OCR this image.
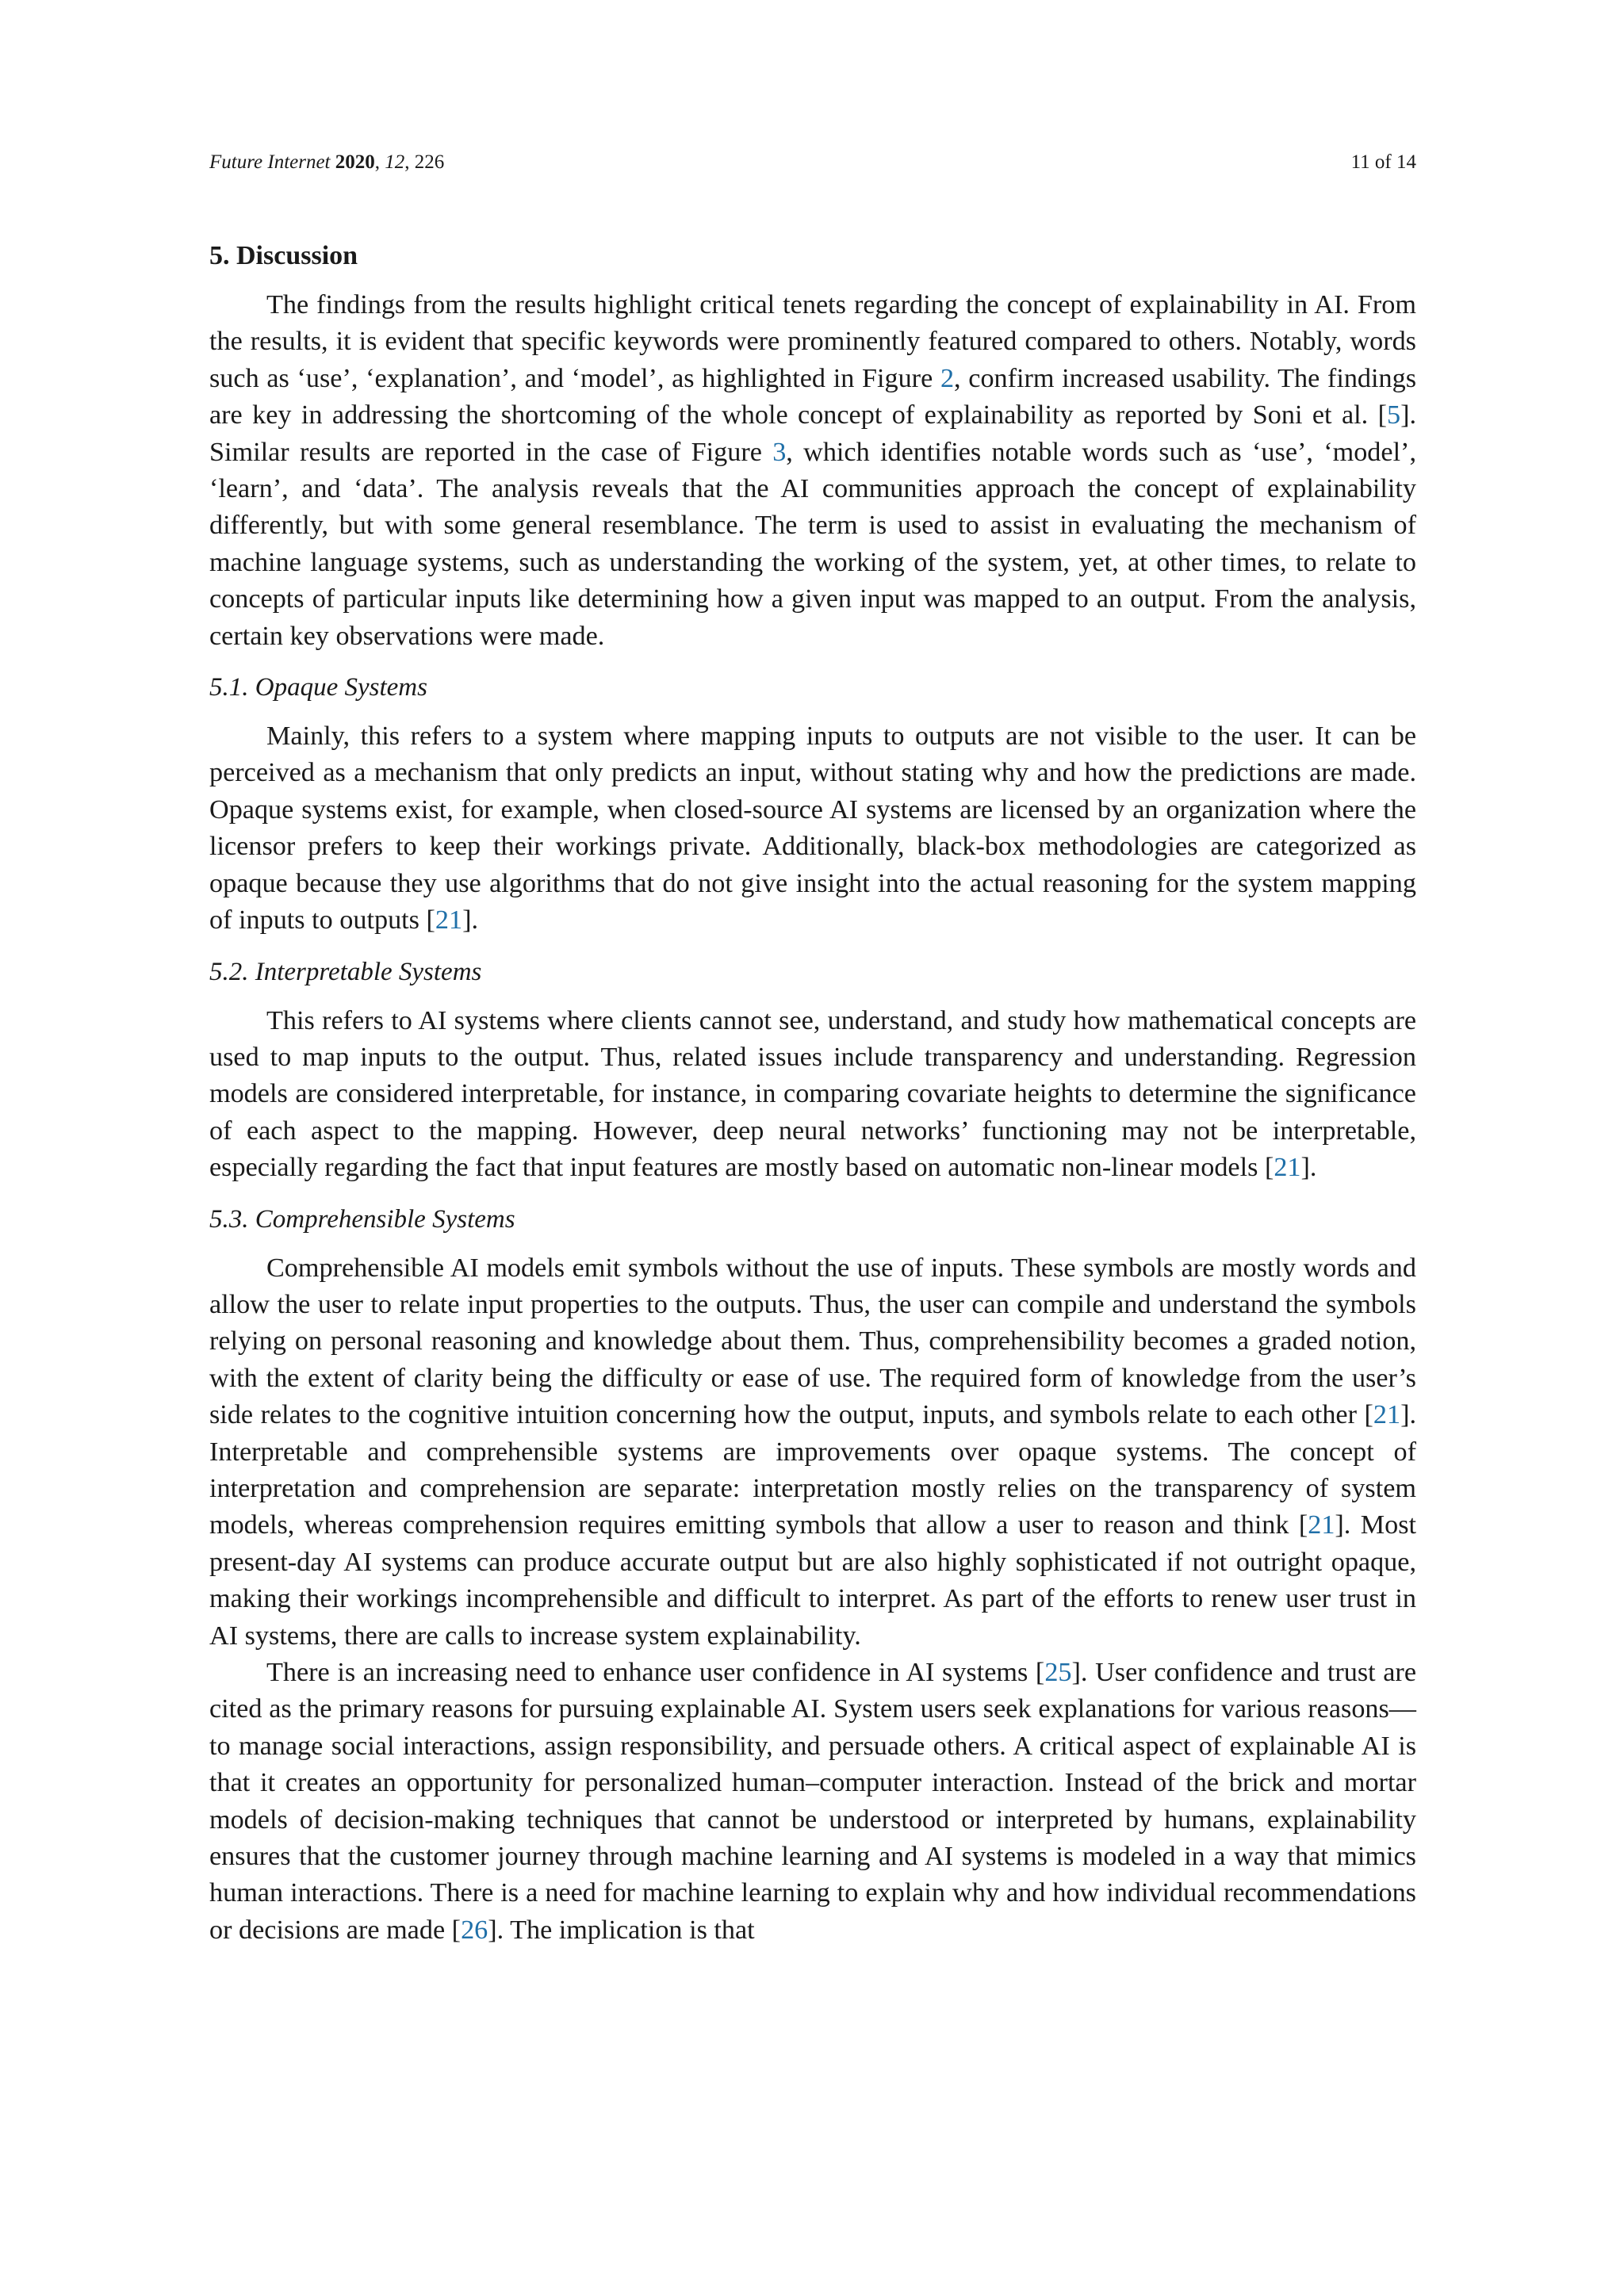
Future Internet 2020, 12, 226	11 of 14
5. Discussion

The findings from the results highlight critical tenets regarding the concept of explainability in AI. From the results, it is evident that specific keywords were prominently featured compared to others. Notably, words such as ‘use’, ‘explanation’, and ‘model’, as highlighted in Figure 2, confirm increased usability. The findings are key in addressing the shortcoming of the whole concept of explainability as reported by Soni et al. [5]. Similar results are reported in the case of Figure 3, which identifies notable words such as ‘use’, ‘model’, ‘learn’, and ‘data’. The analysis reveals that the AI communities approach the concept of explainability differently, but with some general resemblance. The term is used to assist in evaluating the mechanism of machine language systems, such as understanding the working of the system, yet, at other times, to relate to concepts of particular inputs like determining how a given input was mapped to an output. From the analysis, certain key observations were made.

5.1. Opaque Systems

Mainly, this refers to a system where mapping inputs to outputs are not visible to the user. It can be perceived as a mechanism that only predicts an input, without stating why and how the predictions are made. Opaque systems exist, for example, when closed-source AI systems are licensed by an organization where the licensor prefers to keep their workings private. Additionally, black-box methodologies are categorized as opaque because they use algorithms that do not give insight into the actual reasoning for the system mapping of inputs to outputs [21].

5.2. Interpretable Systems

This refers to AI systems where clients cannot see, understand, and study how mathematical concepts are used to map inputs to the output. Thus, related issues include transparency and understanding. Regression models are considered interpretable, for instance, in comparing covariate heights to determine the significance of each aspect to the mapping. However, deep neural networks’ functioning may not be interpretable, especially regarding the fact that input features are mostly based on automatic non-linear models [21].

5.3. Comprehensible Systems

Comprehensible AI models emit symbols without the use of inputs. These symbols are mostly words and allow the user to relate input properties to the outputs. Thus, the user can compile and understand the symbols relying on personal reasoning and knowledge about them. Thus, comprehensibility becomes a graded notion, with the extent of clarity being the difficulty or ease of use. The required form of knowledge from the user’s side relates to the cognitive intuition concerning how the output, inputs, and symbols relate to each other [21]. Interpretable and comprehensible systems are improvements over opaque systems. The concept of interpretation and comprehension are separate: interpretation mostly relies on the transparency of system models, whereas comprehension requires emitting symbols that allow a user to reason and think [21]. Most present-day AI systems can produce accurate output but are also highly sophisticated if not outright opaque, making their workings incomprehensible and difficult to interpret. As part of the efforts to renew user trust in AI systems, there are calls to increase system explainability.

There is an increasing need to enhance user confidence in AI systems [25]. User confidence and trust are cited as the primary reasons for pursuing explainable AI. System users seek explanations for various reasons—to manage social interactions, assign responsibility, and persuade others. A critical aspect of explainable AI is that it creates an opportunity for personalized human–computer interaction. Instead of the brick and mortar models of decision-making techniques that cannot be understood or interpreted by humans, explainability ensures that the customer journey through machine learning and AI systems is modeled in a way that mimics human interactions. There is a need for machine learning to explain why and how individual recommendations or decisions are made [26]. The implication is that
